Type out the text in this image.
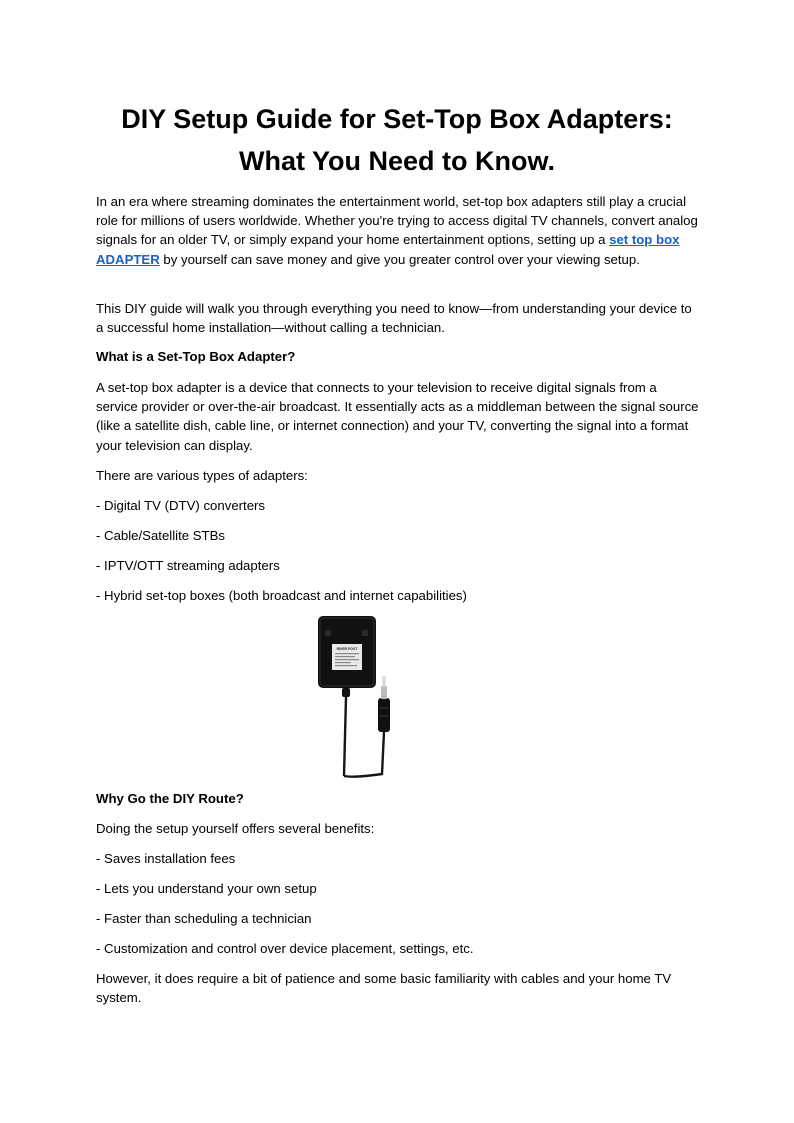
DIY Setup Guide for Set-Top Box Adapters:
What You Need to Know.

In an era where streaming dominates the entertainment world, set-top box adapters still play a crucial role for millions of users worldwide. Whether you're trying to access digital TV channels, convert analog signals for an older TV, or simply expand your home entertainment options, setting up a set top box ADAPTER by yourself can save money and give you greater control over your viewing setup.

This DIY guide will walk you through everything you need to know—from understanding your device to a successful home installation—without calling a technician.

What is a Set-Top Box Adapter?

A set-top box adapter is a device that connects to your television to receive digital signals from a service provider or over-the-air broadcast. It essentially acts as a middleman between the signal source (like a satellite dish, cable line, or internet connection) and your TV, converting the signal into a format your television can display.

There are various types of adapters:

- Digital TV (DTV) converters

- Cable/Satellite STBs

- IPTV/OTT streaming adapters

- Hybrid set-top boxes (both broadcast and internet capabilities)

RIVER FOOT

Why Go the DIY Route?

Doing the setup yourself offers several benefits:

- Saves installation fees

- Lets you understand your own setup

- Faster than scheduling a technician

- Customization and control over device placement, settings, etc.

However, it does require a bit of patience and some basic familiarity with cables and your home TV system.
